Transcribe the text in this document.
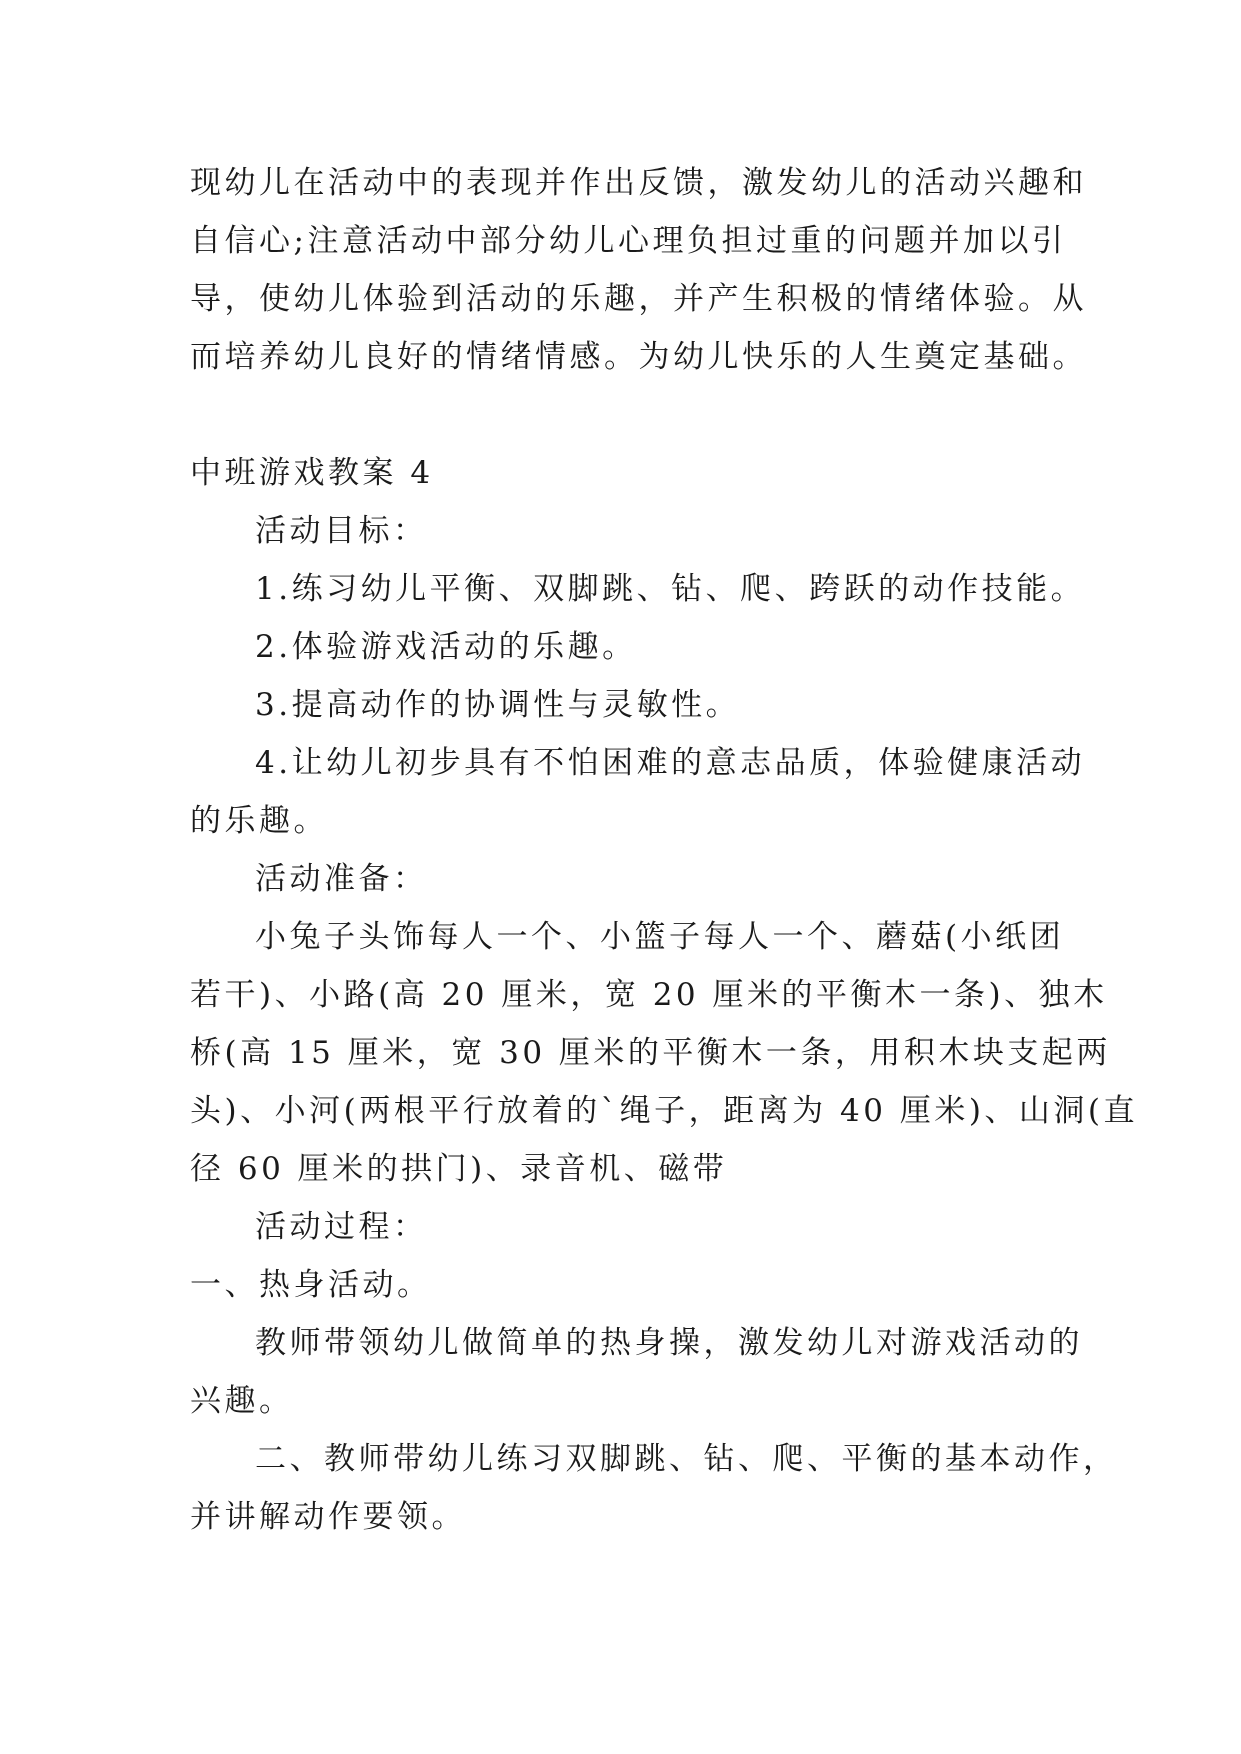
现幼儿在活动中的表现并作出反馈，激发幼儿的活动兴趣和
自信心;注意活动中部分幼儿心理负担过重的问题并加以引
导，使幼儿体验到活动的乐趣，并产生积极的情绪体验。从
而培养幼儿良好的情绪情感。为幼儿快乐的人生奠定基础。
中班游戏教案 4
活动目标：
1.练习幼儿平衡、双脚跳、钻、爬、跨跃的动作技能。
2.体验游戏活动的乐趣。
3.提高动作的协调性与灵敏性。
4.让幼儿初步具有不怕困难的意志品质，体验健康活动
的乐趣。
活动准备：
小兔子头饰每人一个、小篮子每人一个、蘑菇(小纸团
若干)、小路(高 20 厘米，宽 20 厘米的平衡木一条)、独木
桥(高 15 厘米，宽 30 厘米的平衡木一条，用积木块支起两
头)、小河(两根平行放着的`绳子，距离为 40 厘米)、山洞(直
径 60 厘米的拱门)、录音机、磁带
活动过程：
一、热身活动。
教师带领幼儿做简单的热身操，激发幼儿对游戏活动的
兴趣。
二、教师带幼儿练习双脚跳、钻、爬、平衡的基本动作，
并讲解动作要领。
